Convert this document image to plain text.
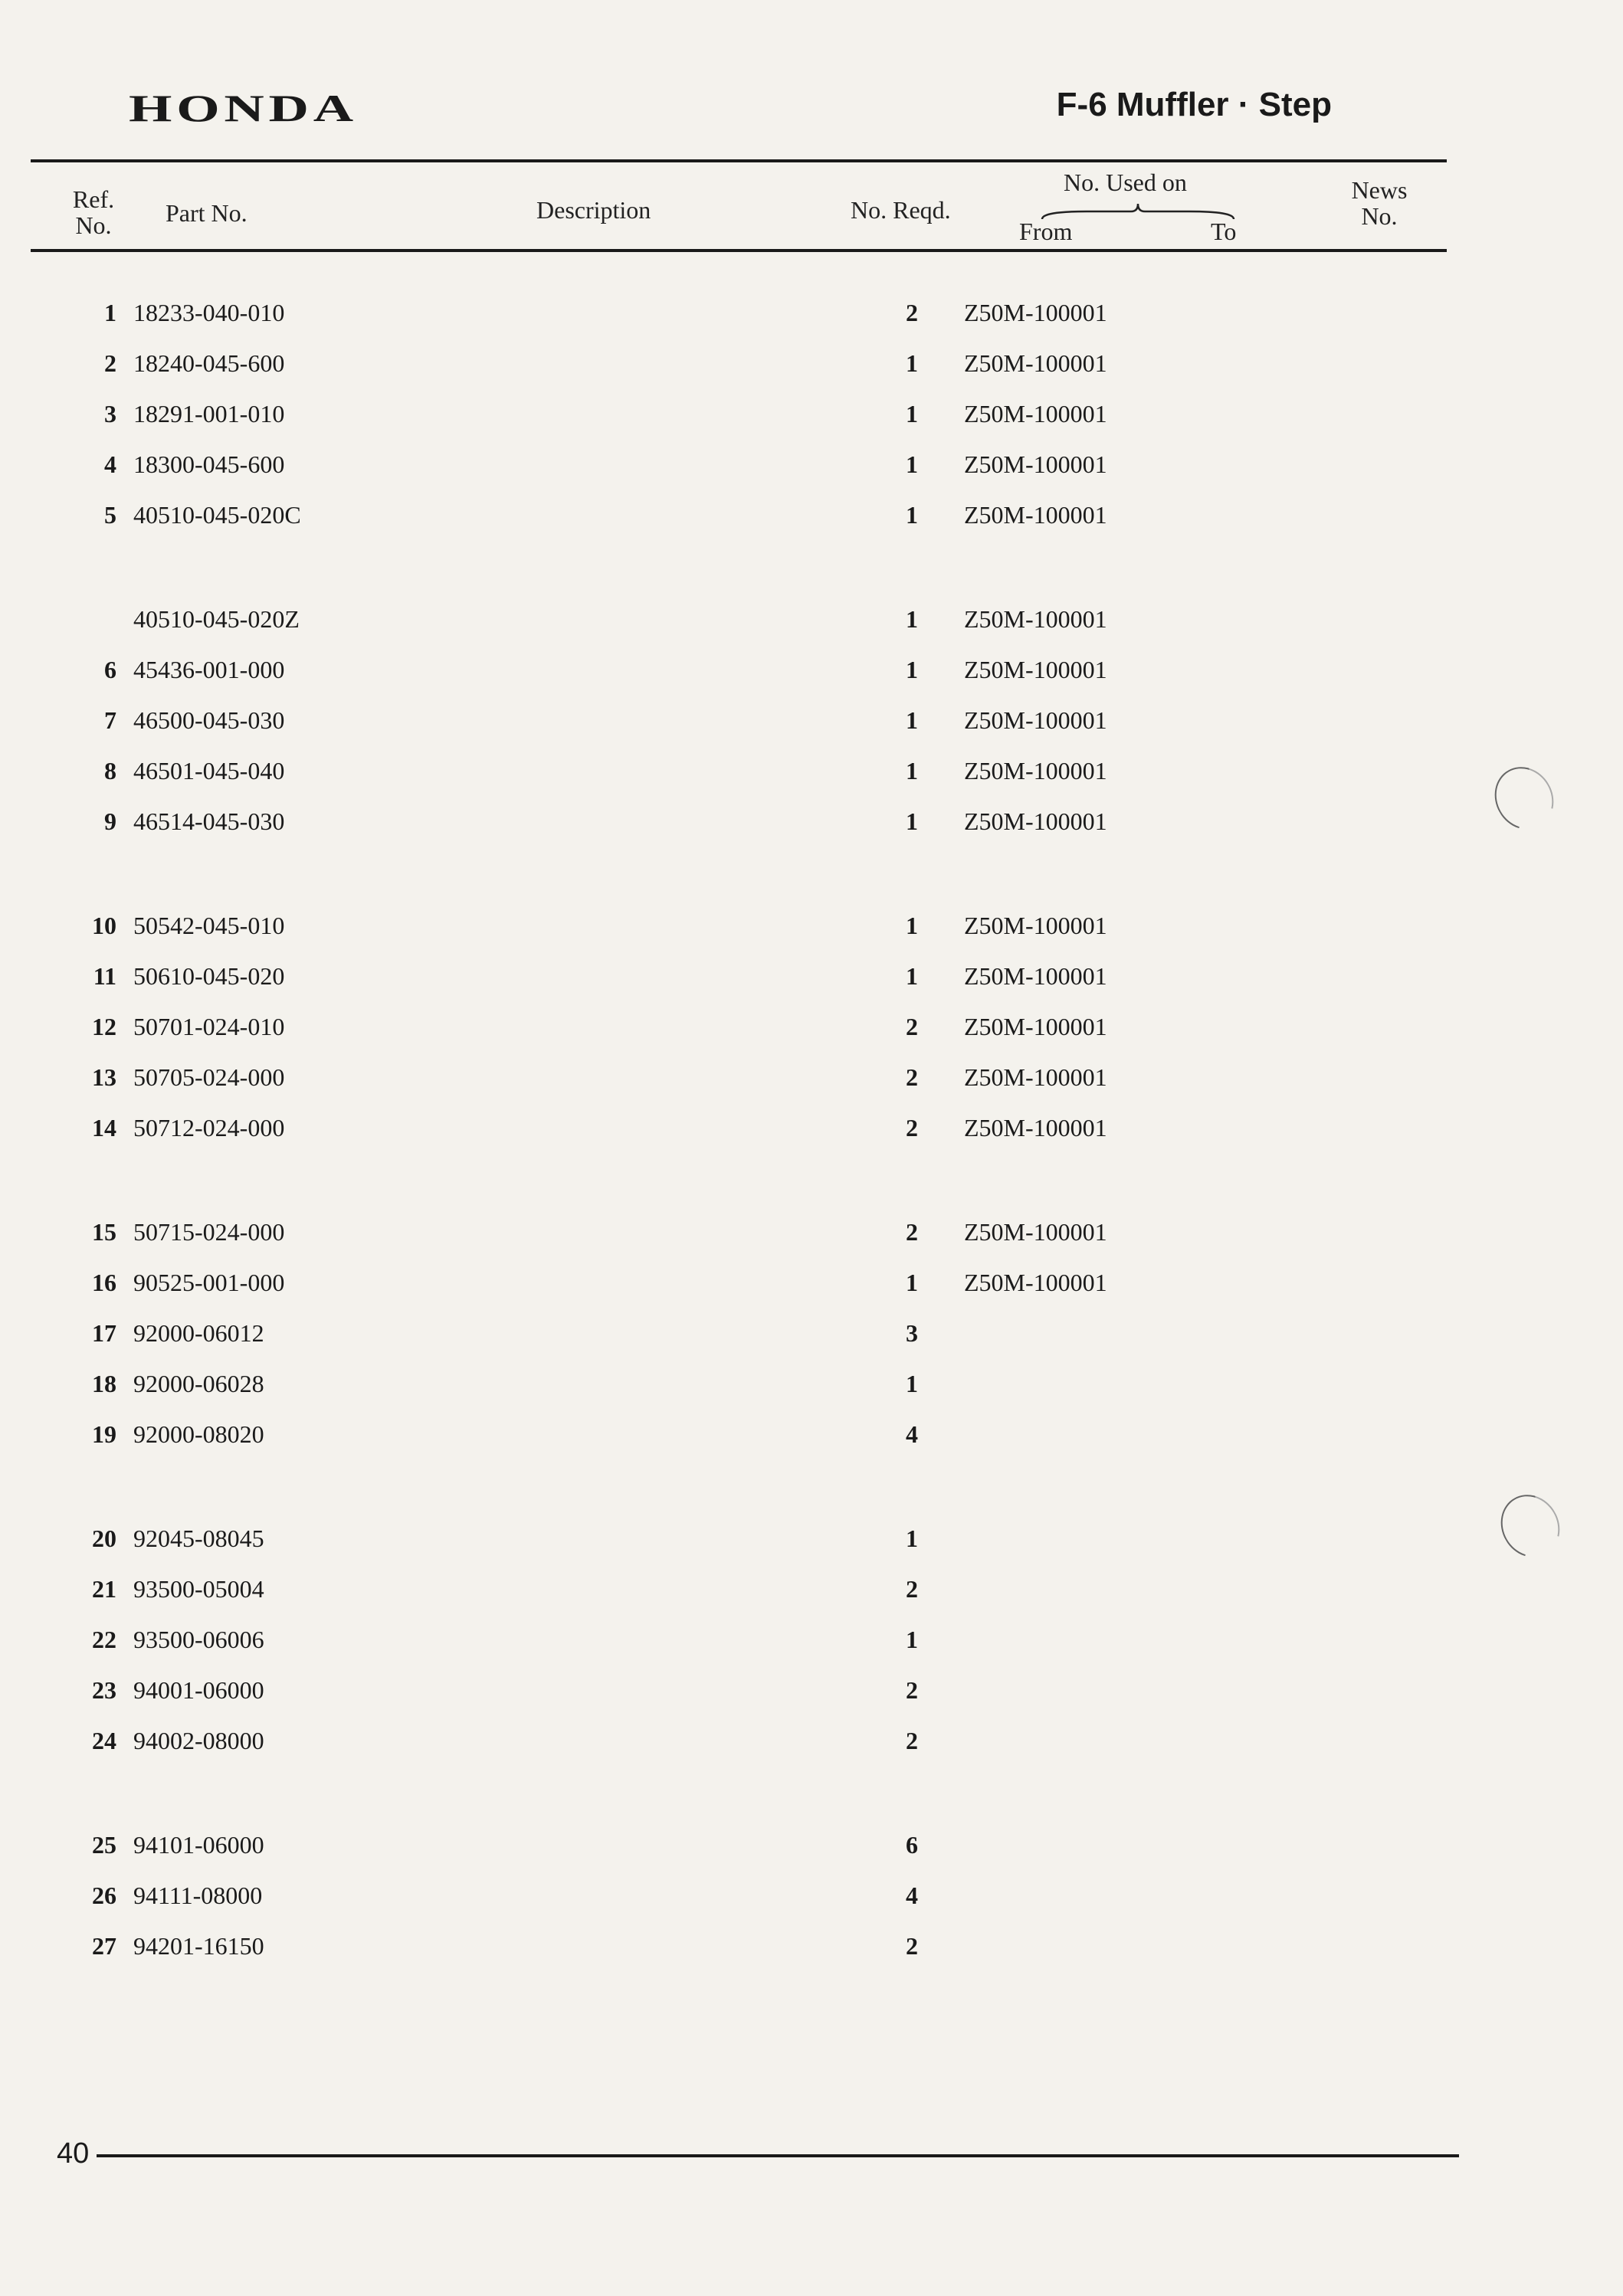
HONDA	F-6 Muffler · Step
Ref.
No.	Part No.	Description	No. Reqd.
No. Used on
From	To
News
No.
1 18233-040-010	2	Z50M-100001
2 18240-045-600	1	Z50M-100001
3 18291-001-010	1	Z50M-100001
4 18300-045-600	1	Z50M-100001
5 40510-045-020C	1	Z50M-100001
40510-045-020Z	1	Z50M-100001
6 45436-001-000	1	Z50M-100001
7 46500-045-030	1	Z50M-100001
8 46501-045-040	1	Z50M-100001
9 46514-045-030	1	Z50M-100001
10 50542-045-010	1	Z50M-100001
11 50610-045-020	1	Z50M-100001
12 50701-024-010	2	Z50M-100001
13 50705-024-000	2	Z50M-100001
14 50712-024-000	2	Z50M-100001
15 50715-024-000	2	Z50M-100001
16 90525-001-000	1	Z50M-100001
17 92000-06012	3
18 92000-06028	1
19 92000-08020	4
20 92045-08045	1
21 93500-05004	2
22 93500-06006	1
23 94001-06000	2
24 94002-08000	2
25 94101-06000	6
26 94111-08000	4
27 94201-16150	2
40
